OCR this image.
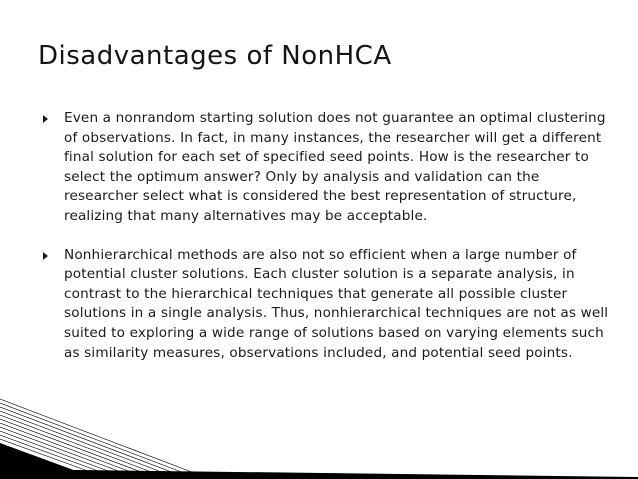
Disadvantages of NonHCA
Even a nonrandom starting solution does not guarantee an optimal clustering of observations. In fact, in many instances, the researcher will get a different final solution for each set of specified seed points. How is the researcher to select the optimum answer? Only by analysis and validation can the researcher select what is considered the best representation of structure, realizing that many alternatives may be acceptable.
Nonhierarchical methods are also not so efficient when a large number of potential cluster solutions. Each cluster solution is a separate analysis, in contrast to the hierarchical techniques that generate all possible cluster solutions in a single analysis. Thus, nonhierarchical techniques are not as well suited to exploring a wide range of solutions based on varying elements such as similarity measures, observations included, and potential seed points.
